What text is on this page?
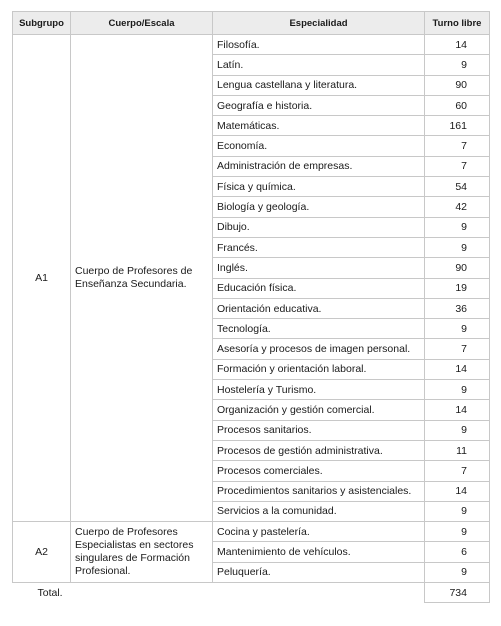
Subgrupo	Cuerpo/Escala	Especialidad	Turno libre
A1	Cuerpo de Profesores de Enseñanza Secundaria.	Filosofía.	14
		Latín.	9
		Lengua castellana y literatura.	90
		Geografía e historia.	60
		Matemáticas.	161
		Economía.	7
		Administración de empresas.	7
		Física y química.	54
		Biología y geología.	42
		Dibujo.	9
		Francés.	9
		Inglés.	90
		Educación física.	19
		Orientación educativa.	36
		Tecnología.	9
		Asesoría y procesos de imagen personal.	7
		Formación y orientación laboral.	14
		Hostelería y Turismo.	9
		Organización y gestión comercial.	14
		Procesos sanitarios.	9
		Procesos de gestión administrativa.	11
		Procesos comerciales.	7
		Procedimientos sanitarios y asistenciales.	14
		Servicios a la comunidad.	9
A2	Cuerpo de Profesores Especialistas en sectores singulares de Formación Profesional.	Cocina y pastelería.	9
		Mantenimiento de vehículos.	6
		Peluquería.	9
Total.			734
